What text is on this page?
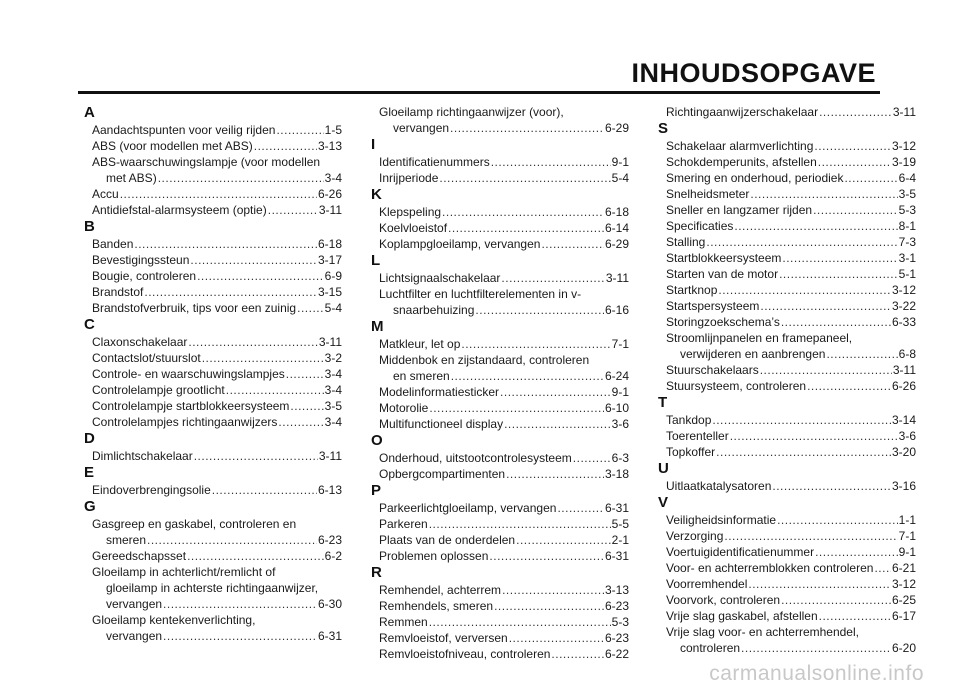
INHOUDSOPGAVE
A
Aandachtspunten voor veilig rijden .....	1-5
ABS (voor modellen met ABS) .....	3-13
ABS-waarschuwingslampje (voor modellen
met ABS) .....	3-4
Accu .....	6-26
Antidiefstal-alarmsysteem (optie) .....	3-11
B
Banden .....	6-18
Bevestigingssteun .....	3-17
Bougie, controleren .....	6-9
Brandstof .....	3-15
Brandstofverbruik, tips voor een zuinig ..... 5-4
C
Claxonschakelaar .....	3-11
Contactslot/stuurslot .....	3-2
Controle- en waarschuwingslampjes .....	3-4
Controlelampje grootlicht .....	3-4
Controlelampje startblokkeersysteem .....	3-5
Controlelampjes richtingaanwijzers .....	3-4
D
Dimlichtschakelaar .....	3-11
E
Eindoverbrengingsolie .....	6-13
G
Gasgreep en gaskabel, controleren en
smeren .....	6-23
Gereedschapsset .....	6-2
Gloeilamp in achterlicht/remlicht of
gloeilamp in achterste richtingaanwijzer,
vervangen .....	6-30
Gloeilamp kentekenverlichting,
vervangen .....	6-31
Gloeilamp richtingaanwijzer (voor),
vervangen .....	6-29
I
Identificatienummers .....	9-1
Inrijperiode .....	5-4
K
Klepspeling .....	6-18
Koelvloeistof .....	6-14
Koplampgloeilamp, vervangen .....	6-29
L
Lichtsignaalschakelaar .....	3-11
Luchtfilter en luchtfilterelementen in v-
snaarbehuizing .....	6-16
M
Matkleur, let op .....	7-1
Middenbok en zijstandaard, controleren
en smeren .....	6-24
Modelinformatiesticker .....	9-1
Motorolie .....	6-10
Multifunctioneel display .....	3-6
O
Onderhoud, uitstootcontrolesysteem .....	6-3
Opbergcompartimenten .....	3-18
P
Parkeerlichtgloeilamp, vervangen .....	6-31
Parkeren .....	5-5
Plaats van de onderdelen .....	2-1
Problemen oplossen .....	6-31
R
Remhendel, achterrem .....	3-13
Remhendels, smeren .....	6-23
Remmen .....	5-3
Remvloeistof, verversen .....	6-23
Remvloeistofniveau, controleren .....	6-22
Richtingaanwijzerschakelaar .....	3-11
S
Schakelaar alarmverlichting .....	3-12
Schokdemperunits, afstellen .....	3-19
Smering en onderhoud, periodiek .....	6-4
Snelheidsmeter .....	3-5
Sneller en langzamer rijden .....	5-3
Specificaties .....	8-1
Stalling .....	7-3
Startblokkeersysteem .....	3-1
Starten van de motor .....	5-1
Startknop .....	3-12
Startspersysteem .....	3-22
Storingzoekschema’s .....	6-33
Stroomlijnpanelen en framepaneel,
verwijderen en aanbrengen .....	6-8
Stuurschakelaars .....	3-11
Stuursysteem, controleren .....	6-26
T
Tankdop .....	3-14
Toerenteller .....	3-6
Topkoffer .....	3-20
U
Uitlaatkatalysatoren .....	3-16
V
Veiligheidsinformatie .....	1-1
Verzorging .....	7-1
Voertuigidentificatienummer .....	9-1
Voor- en achterremblokken controleren ..... 6-21
Voorremhendel .....	3-12
Voorvork, controleren .....	6-25
Vrije slag gaskabel, afstellen .....	6-17
Vrije slag voor- en achterremhendel,
controleren .....	6-20
carmanualsonline.info
